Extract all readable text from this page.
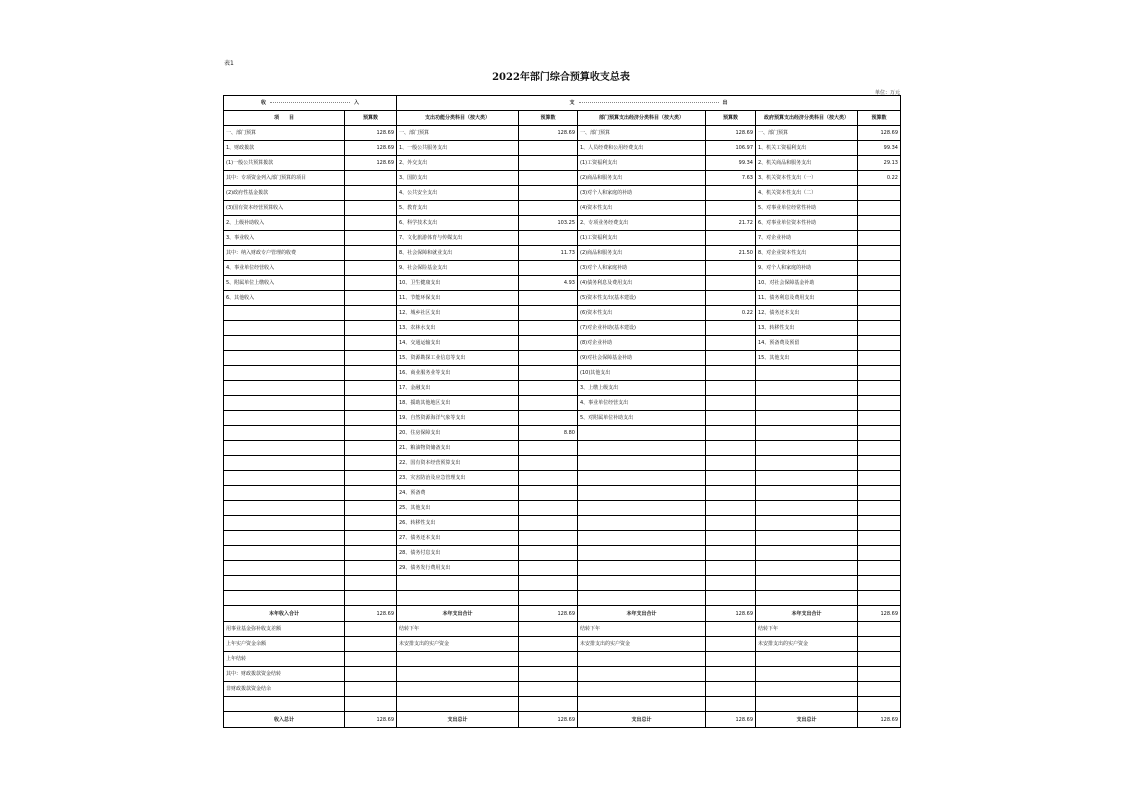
表1
2022年部门综合预算收支总表
单位：万元
收 入		支 出					
项　　目	预算数	支出功能分类科目（按大类）	预算数	部门预算支出经济分类科目（按大类）	预算数	政府预算支出经济分类科目（按大类）	预算数
一、部门预算	128.69	一、部门预算	128.69	一、部门预算	128.69	一、部门预算	128.69
1、财政拨款	128.69	1、一般公共服务支出		1、人员经费和公用经费支出	106.97	1、机关工资福利支出	99.34
(1)一般公共预算拨款	128.69	2、外交支出		(1)工资福利支出	99.34	2、机关商品和服务支出	29.13
其中：专项资金列入部门预算的项目		3、国防支出		(2)商品和服务支出	7.63	3、机关资本性支出（一）	0.22
(2)政府性基金拨款		4、公共安全支出		(3)对个人和家庭的补助		4、机关资本性支出（二）	
(3)国有资本经营预算收入		5、教育支出		(4)资本性支出		5、对事业单位经常性补助	
2、上级补助收入		6、科学技术支出	103.25	2、专项业务经费支出	21.72	6、对事业单位资本性补助	
3、事业收入		7、文化旅游体育与传媒支出		(1)工资福利支出		7、对企业补助	
其中：纳入财政专户管理的收费		8、社会保障和就业支出	11.73	(2)商品和服务支出	21.50	8、对企业资本性支出	
4、事业单位经营收入		9、社会保险基金支出		(3)对个人和家庭补助		9、对个人和家庭的补助	
5、附属单位上缴收入		10、卫生健康支出	4.93	(4)债务利息及费用支出		10、对社会保障基金补助	
6、其他收入		11、节能环保支出		(5)资本性支出(基本建设)		11、债务利息及费用支出	
		12、城乡社区支出		(6)资本性支出	0.22	12、债务还本支出	
		13、农林水支出		(7)对企业补助(基本建设)		13、转移性支出	
		14、交通运输支出		(8)对企业补助		14、预备费及预留	
		15、资源勘探工业信息等支出		(9)对社会保障基金补助		15、其他支出	
		16、商业服务业等支出		(10)其他支出			
		17、金融支出		3、上缴上级支出			
		18、援助其他地区支出		4、事业单位经营支出			
		19、自然资源海洋气象等支出		5、对附属单位补助支出			
		20、住房保障支出	8.80				
		21、粮油物资储备支出					
		22、国有资本经营预算支出					
		23、灾害防治及应急管理支出					
		24、预备费					
		25、其他支出					
		26、转移性支出					
		27、债务还本支出					
		28、债务付息支出					
		29、债务发行费用支出					

本年收入合计	128.69	本年支出合计	128.69	本年支出合计	128.69	本年支出合计	128.69
用事业基金弥补收支差额		结转下年		结转下年		结转下年	
上年实户资金余额		未安排支出的实户资金		未安排支出的实户资金		未安排支出的实户资金	
上年结转							
其中：财政拨款资金结转							
非财政拨款资金结余							

收入总计	128.69	支出总计	128.69	支出总计	128.69	支出总计	128.69
